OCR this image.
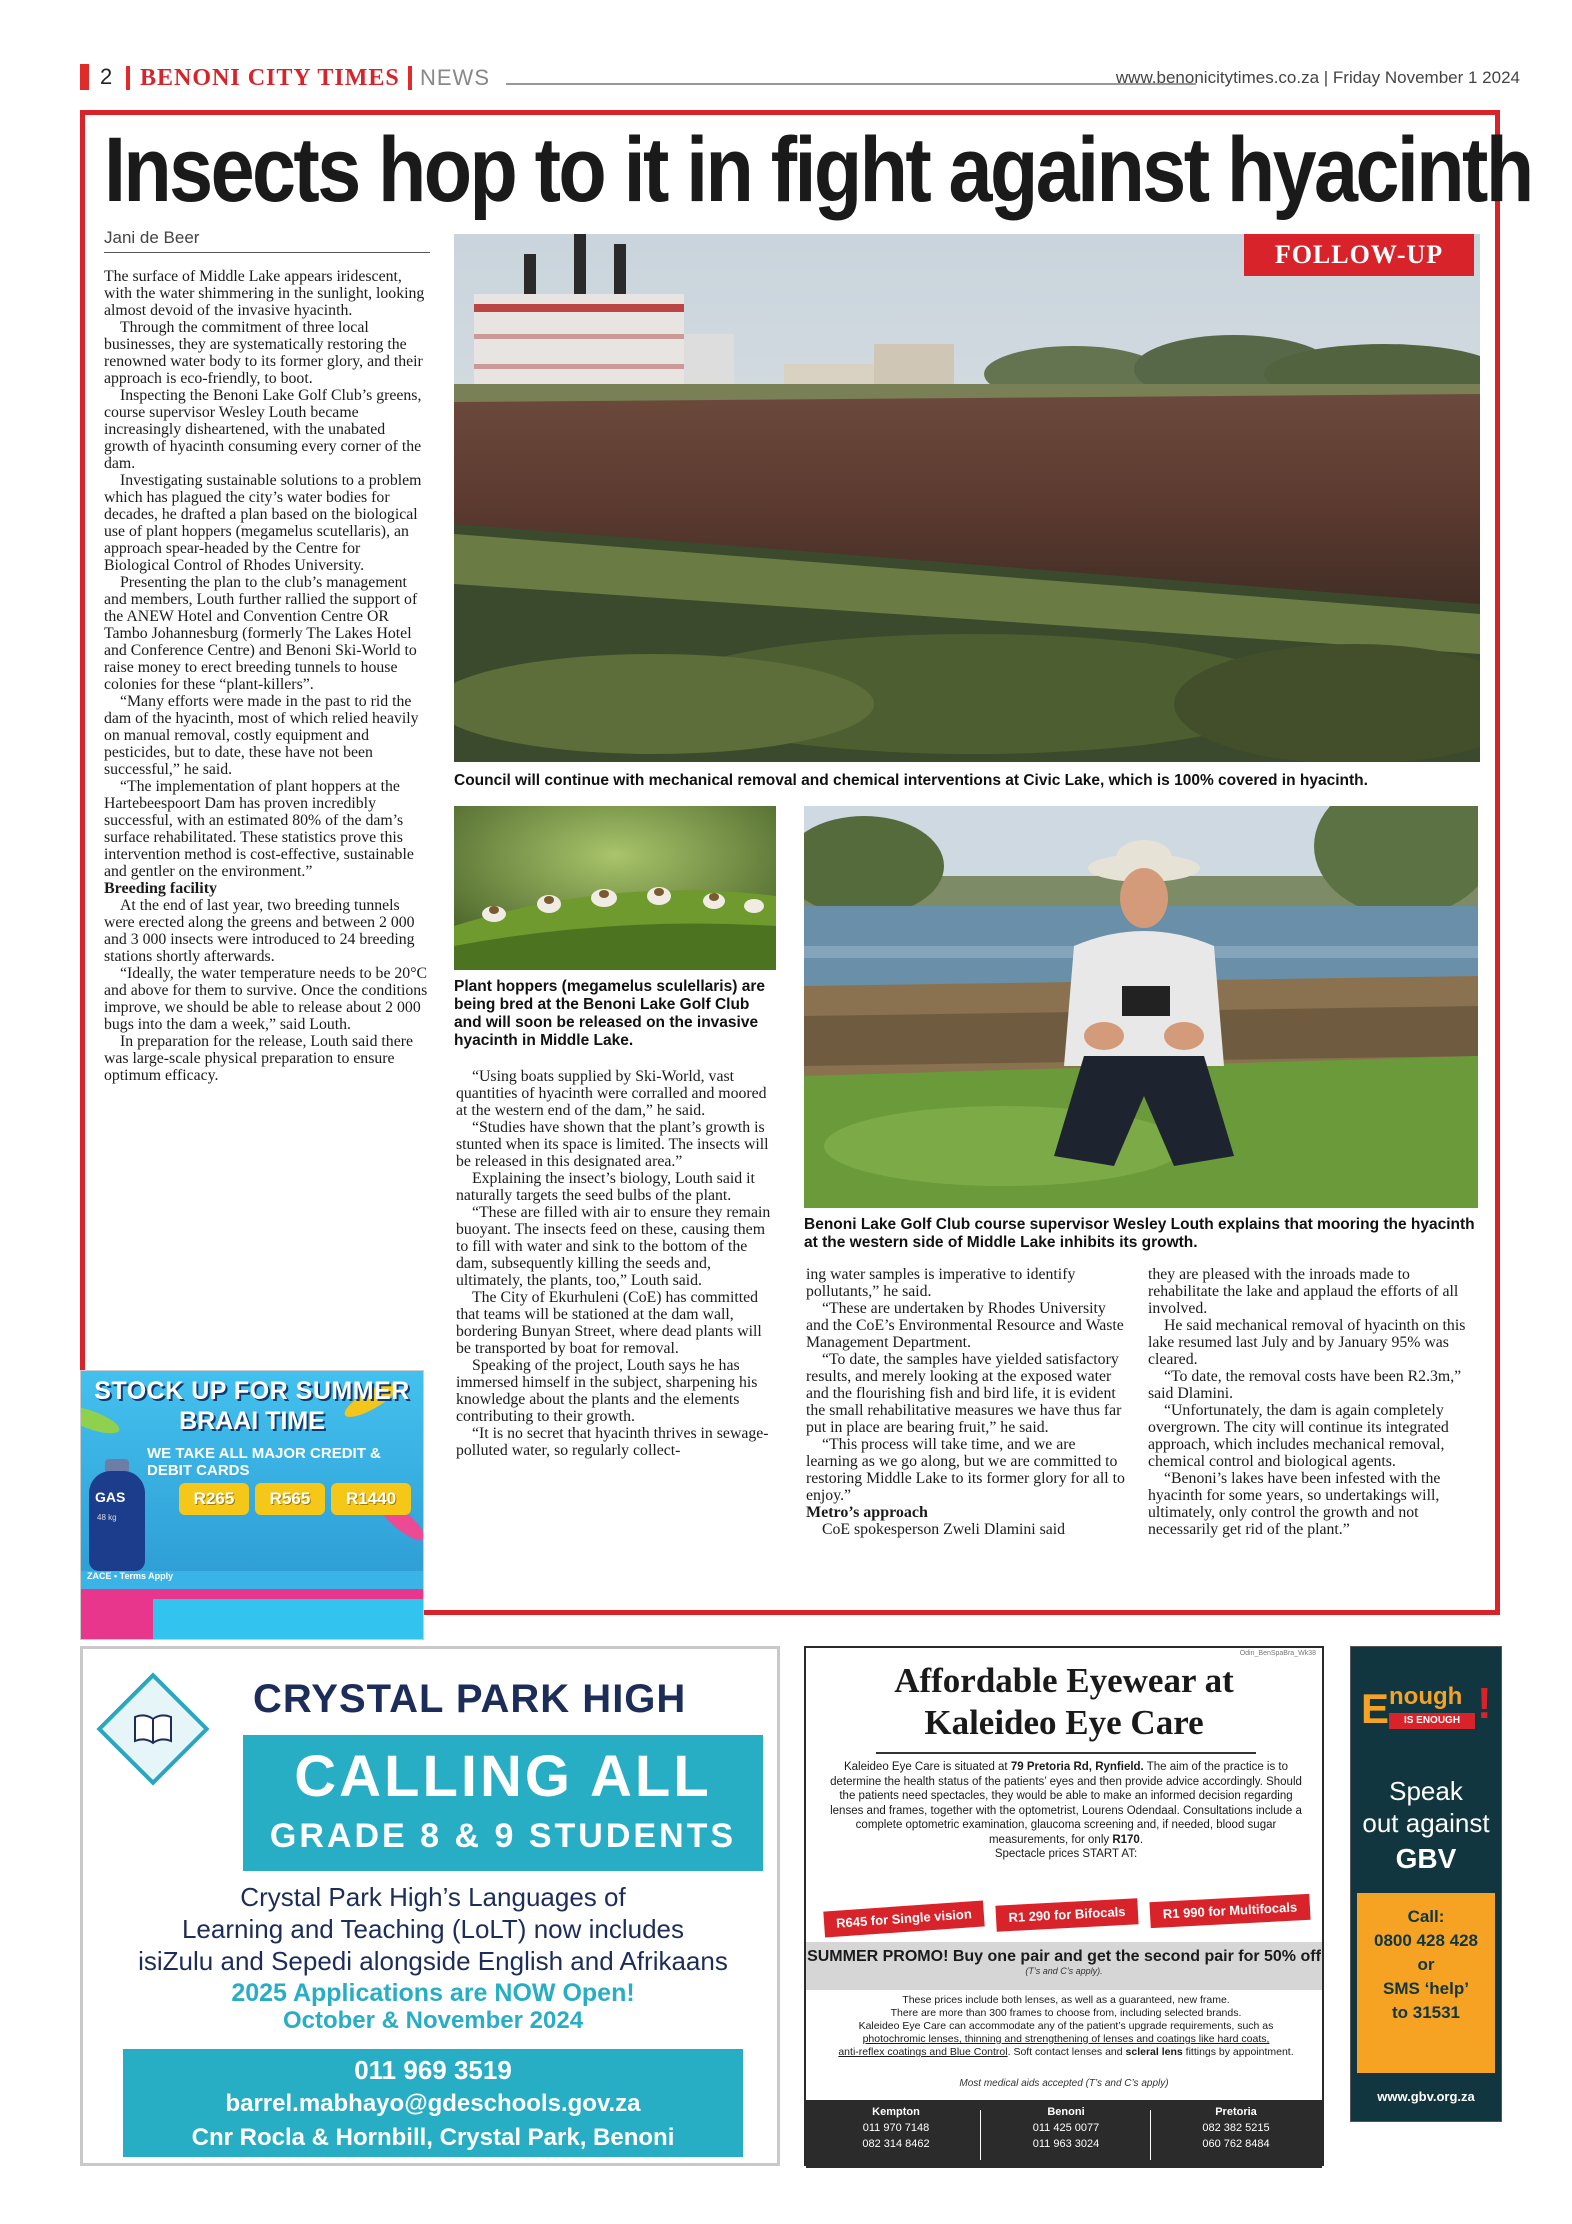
2 BENONI CITY TIMES NEWS	www.benonicitytimes.co.za | Friday November 1 2024
Insects hop to it in fight against hyacinth
Jani de Beer

The surface of Middle Lake appears iridescent, with the water shimmering in the sunlight, looking almost devoid of the invasive hyacinth.

Through the commitment of three local businesses, they are systematically restoring the renowned water body to its former glory, and their approach is eco-friendly, to boot.

Inspecting the Benoni Lake Golf Club’s greens, course supervisor Wesley Louth became increasingly disheartened, with the unabated growth of hyacinth consuming every corner of the dam.

Investigating sustainable solutions to a problem which has plagued the city’s water bodies for decades, he drafted a plan based on the biological use of plant hoppers (megamelus scutellaris), an approach spear-headed by the Centre for Biological Control of Rhodes University.

Presenting the plan to the club’s management and members, Louth further rallied the support of the ANEW Hotel and Convention Centre OR Tambo Johannesburg (formerly The Lakes Hotel and Conference Centre) and Benoni Ski-World to raise money to erect breeding tunnels to house colonies for these “plant-killers”.

“Many efforts were made in the past to rid the dam of the hyacinth, most of which relied heavily on manual removal, costly equipment and pesticides, but to date, these have not been successful,” he said.

“The implementation of plant hoppers at the Hartebeespoort Dam has proven incredibly successful, with an estimated 80% of the dam’s surface rehabilitated. These statistics prove this intervention method is cost-effective, sustainable and gentler on the environment.”

Breeding facility

At the end of last year, two breeding tunnels were erected along the greens and between 2 000 and 3 000 insects were introduced to 24 breeding stations shortly afterwards.

“Ideally, the water temperature needs to be 20°C and above for them to survive. Once the conditions improve, we should be able to release about 2 000 bugs into the dam a week,” said Louth.

In preparation for the release, Louth said there was large-scale physical preparation to ensure optimum efficacy.	“Using boats supplied by Ski-World, vast quantities of hyacinth were corralled and moored at the western end of the dam,” he said.

“Studies have shown that the plant’s growth is stunted when its space is limited. The insects will be released in this designated area.”

Explaining the insect’s biology, Louth said it naturally targets the seed bulbs of the plant.

“These are filled with air to ensure they remain buoyant. The insects feed on these, causing them to fill with water and sink to the bottom of the dam, subsequently killing the seeds and, ultimately, the plants, too,” Louth said.

The City of Ekurhuleni (CoE) has committed that teams will be stationed at the dam wall, bordering Bunyan Street, where dead plants will be transported by boat for removal.

Speaking of the project, Louth says he has immersed himself in the subject, sharpening his knowledge about the plants and the elements contributing to their growth.

“It is no secret that hyacinth thrives in sewage-polluted water, so regularly collect-

ing water samples is imperative to identify pollutants,” he said.

“These are undertaken by Rhodes University and the CoE’s Environmental Resource and Waste Management Department.

“To date, the samples have yielded satisfactory results, and merely looking at the exposed water and the flourishing fish and bird life, it is evident the small rehabilitative measures we have thus far put in place are bearing fruit,” he said.

“This process will take time, and we are learning as we go along, but we are committed to restoring Middle Lake to its former glory for all to enjoy.”

Metro’s approach

CoE spokesperson Zweli Dlamini said

they are pleased with the inroads made to rehabilitate the lake and applaud the efforts of all involved.

He said mechanical removal of hyacinth on this lake resumed last July and by January 95% was cleared.

“To date, the removal costs have been R2.3m,” said Dlamini.

“Unfortunately, the dam is again completely overgrown. The city will continue its integrated approach, which includes mechanical removal, chemical control and biological agents.

“Benoni’s lakes have been infested with the hyacinth for some years, so undertakings will, ultimately, only control the growth and not necessarily get rid of the plant.”

FOLLOW-UP
Council will continue with mechanical removal and chemical interventions at Civic Lake, which is 100% covered in hyacinth.
Plant hoppers (megamelus sculellaris) are being bred at the Benoni Lake Golf Club and will soon be released on the invasive hyacinth in Middle Lake.
Benoni Lake Golf Club course supervisor Wesley Louth explains that mooring the hyacinth at the western side of Middle Lake inhibits its growth.
STOCK UP FOR SUMMER
BRAAI TIME
WE TAKE ALL MAJOR CREDIT & DEBIT CARDS
GAS
48 kg
R265	R565	R1440
ZACE • Terms Apply
CRYSTAL PARK HIGH
CALLING ALL
GRADE 8 & 9 STUDENTS
Crystal Park High’s Languages of
Learning and Teaching (LoLT) now includes
isiZulu and Sepedi alongside English and Afrikaans
2025 Applications are NOW Open!
October & November 2024
011 969 3519
barrel.mabhayo@gdeschools.gov.za
Cnr Rocla & Hornbill, Crystal Park, Benoni
Odin_BenSpaBra_Wk38
Affordable Eyewear at
Kaleideo Eye Care
Kaleideo Eye Care is situated at 79 Pretoria Rd, Rynfield. The aim of the practice is to determine the health status of the patients’ eyes and then provide advice accordingly. Should the patients need spectacles, they would be able to make an informed decision regarding lenses and frames, together with the optometrist, Lourens Odendaal. Consultations include a complete optometric examination, glaucoma screening and, if needed, blood sugar measurements, for only R170.
Spectacle prices START AT:
R645 for Single vision	R1 290 for Bifocals	R1 990 for Multifocals
SUMMER PROMO! Buy one pair and get the second pair for 50% off
(T’s and C’s apply).
These prices include both lenses, as well as a guaranteed, new frame.
There are more than 300 frames to choose from, including selected brands.
Kaleideo Eye Care can accommodate any of the patient’s upgrade requirements, such as
photochromic lenses, thinning and strengthening of lenses and coatings like hard coats,
anti-reflex coatings and Blue Control. Soft contact lenses and scleral lens fittings by appointment.
Most medical aids accepted (T’s and C’s apply)
Kempton
011 970 7148
082 314 8462
Benoni
011 425 0077
011 963 3024
Pretoria
082 382 5215
060 762 8484
E nough
IS ENOUGH !
Speak
out against
GBV
Call:
0800 428 428
or
SMS ‘help’
to 31531
www.gbv.org.za
